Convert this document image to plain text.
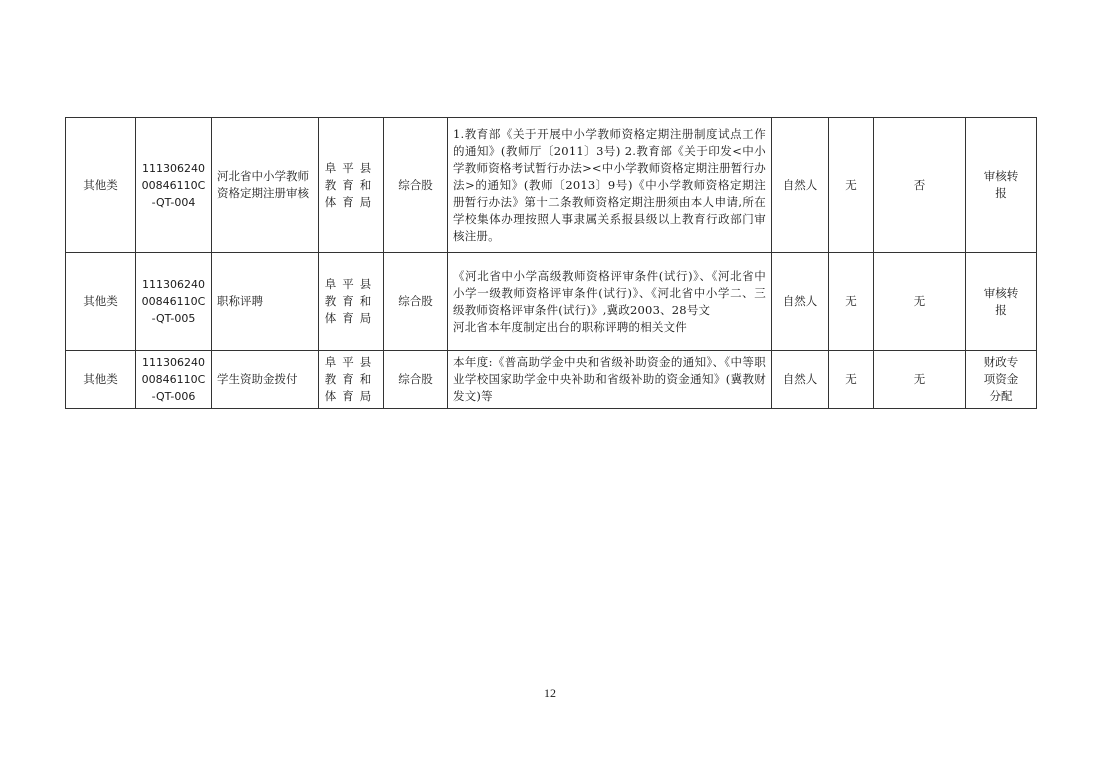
其他类	111306240
00846110C
-QT-004	河北省中小学教师资格定期注册审核	阜平县
教育和
体育局	综合股	1.教育部《关于开展中小学教师资格定期注册制度试点工作的通知》(教师厅〔2011〕3号) 2.教育部《关于印发<中小学教师资格考试暂行办法><中小学教师资格定期注册暂行办法>的通知》(教师〔2013〕9号)《中小学教师资格定期注册暂行办法》第十二条教师资格定期注册须由本人申请,所在学校集体办理按照人事隶属关系报县级以上教育行政部门审核注册。	自然人	无	否	审核转
报
其他类	111306240
00846110C
-QT-005	职称评聘	阜平县
教育和
体育局	综合股	《河北省中小学高级教师资格评审条件(试行)》、《河北省中小学一级教师资格评审条件(试行)》、《河北省中小学二、三级教师资格评审条件(试行)》,冀政2003、28号文
河北省本年度制定出台的职称评聘的相关文件	自然人	无	无	审核转
报
其他类	111306240
00846110C
-QT-006	学生资助金拨付	阜平县
教育和
体育局	综合股	本年度:《普高助学金中央和省级补助资金的通知》、《中等职业学校国家助学金中央补助和省级补助的资金通知》(冀教财发文)等	自然人	无	无	财政专
项资金
分配
12
